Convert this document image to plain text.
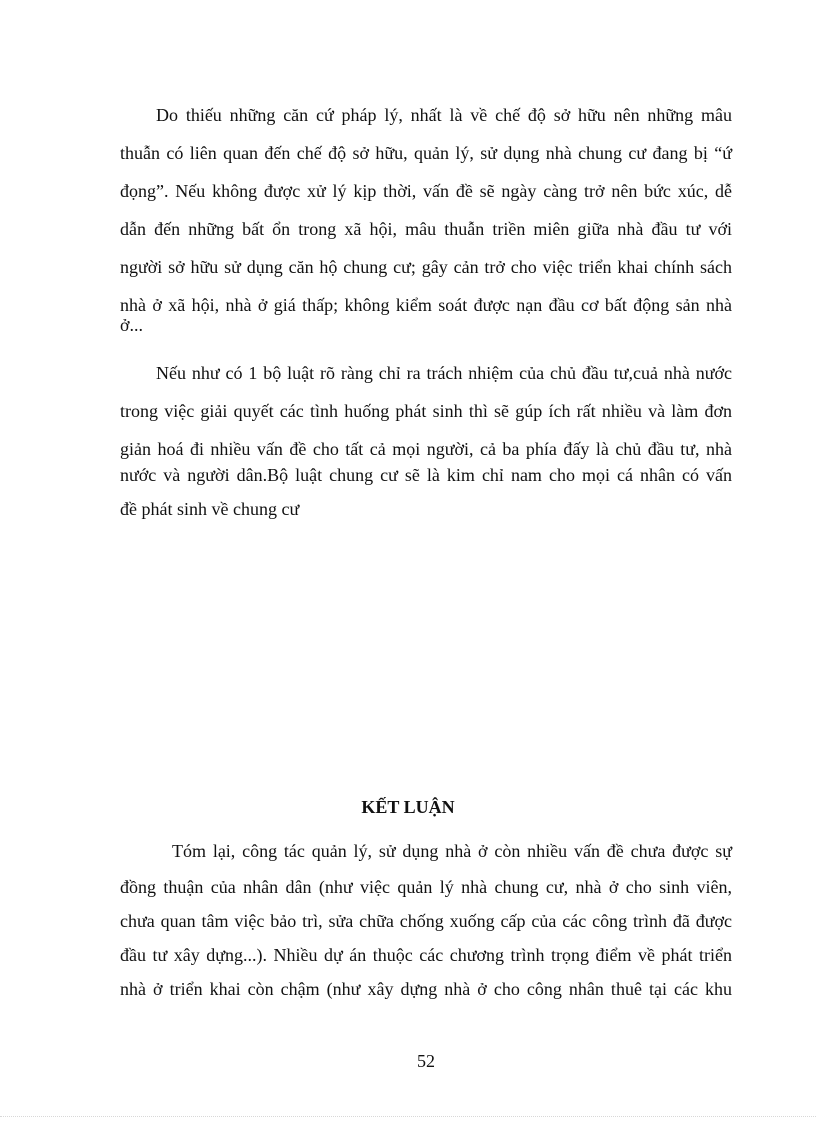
Do thiếu những căn cứ pháp lý, nhất là về chế độ sở hữu nên những mâu
thuẫn có liên quan đến chế độ sở hữu, quản lý, sử dụng nhà chung cư đang bị “ứ
đọng”. Nếu không được xử lý kịp thời, vấn đề sẽ ngày càng trở nên bức xúc, dễ
dẫn đến những bất ổn trong xã hội, mâu thuẫn triền miên giữa nhà đầu tư với
người sở hữu sử dụng căn hộ chung cư; gây cản trở cho việc triển khai chính sách
nhà ở xã hội, nhà ở giá thấp; không kiểm soát được nạn đầu cơ bất động sản nhà
ở...
Nếu như có 1 bộ luật rõ ràng chỉ ra trách nhiệm của chủ đầu tư,cuả nhà nước
trong việc giải quyết các tình huống phát sinh thì sẽ gúp ích rất nhiều và làm đơn
giản hoá đi nhiều vấn đề cho tất cả mọi người, cả ba phía đấy là chủ đầu tư, nhà
nước và người dân.Bộ luật chung cư sẽ là kim chỉ nam cho mọi cá nhân có vấn
đề phát sinh về chung cư
KẾT LUẬN
Tóm lại, công tác quản lý, sử dụng nhà ở còn nhiều vấn đề chưa được sự
đồng thuận của nhân dân (như việc quản lý nhà chung cư, nhà ở cho sinh viên,
chưa quan tâm việc bảo trì, sửa chữa chống xuống cấp của các công trình đã được
đầu tư xây dựng...). Nhiều dự án thuộc các chương trình trọng điểm về phát triển
nhà ở triển khai còn chậm (như xây dựng nhà ở cho công nhân thuê tại các khu
52
